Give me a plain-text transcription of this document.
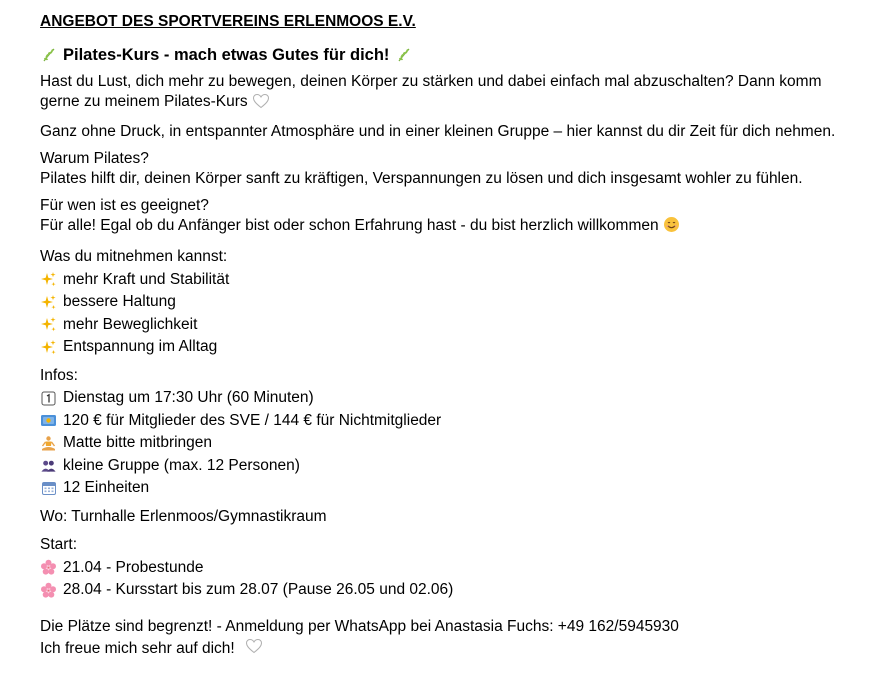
ANGEBOT DES SPORTVEREINS ERLENMOOS E.V.
Pilates-Kurs - mach etwas Gutes für dich!
Hast du Lust, dich mehr zu bewegen, deinen Körper zu stärken und dabei einfach mal abzuschalten? Dann komm gerne zu meinem Pilates-Kurs
Ganz ohne Druck, in entspannter Atmosphäre und in einer kleinen Gruppe – hier kannst du dir Zeit für dich nehmen.
Warum Pilates?
Pilates hilft dir, deinen Körper sanft zu kräftigen, Verspannungen zu lösen und dich insgesamt wohler zu fühlen.
Für wen ist es geeignet?
Für alle! Egal ob du Anfänger bist oder schon Erfahrung hast - du bist herzlich willkommen
Was du mitnehmen kannst:
mehr Kraft und Stabilität
bessere Haltung
mehr Beweglichkeit
Entspannung im Alltag
Infos:
Dienstag um 17:30 Uhr (60 Minuten)
120 € für Mitglieder des SVE / 144 € für Nichtmitglieder
Matte bitte mitbringen
kleine Gruppe (max. 12 Personen)
12 Einheiten
Wo: Turnhalle Erlenmoos/Gymnastikraum
Start:
21.04 - Probestunde
28.04 - Kursstart bis zum 28.07 (Pause 26.05 und 02.06)
Die Plätze sind begrenzt! - Anmeldung per WhatsApp bei Anastasia Fuchs: +49 162/5945930
Ich freue mich sehr auf dich!
